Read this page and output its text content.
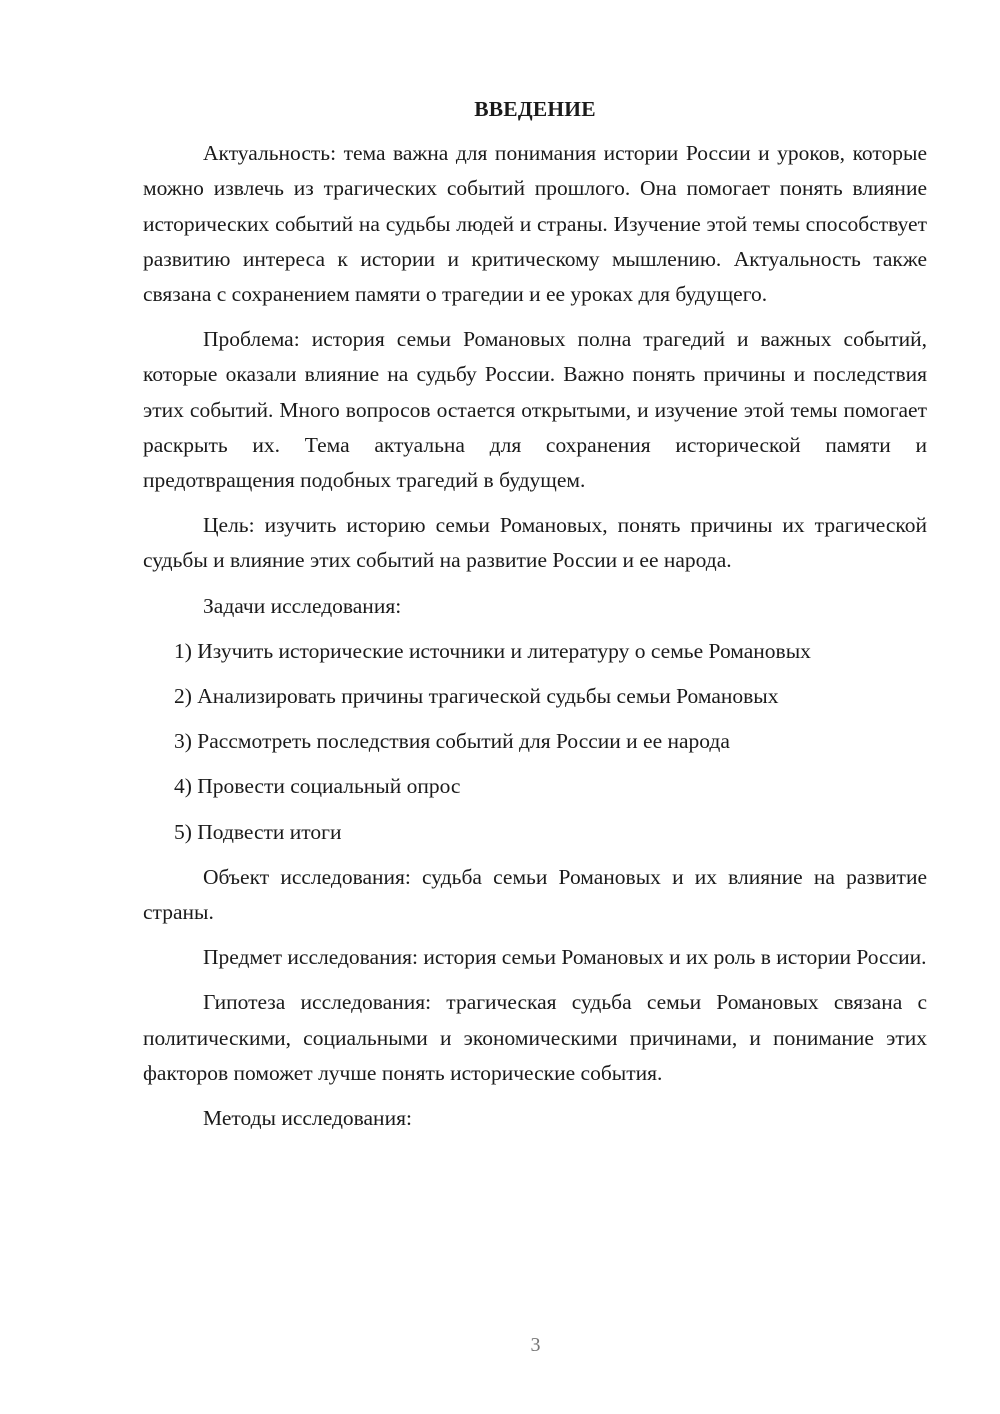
ВВЕДЕНИЕ

Актуальность: тема важна для понимания истории России и уроков, которые можно извлечь из трагических событий прошлого. Она помогает понять влияние исторических событий на судьбы людей и страны. Изучение этой темы способствует развитию интереса к истории и критическому мышлению. Актуальность также связана с сохранением памяти о трагедии и ее уроках для будущего.

Проблема: история семьи Романовых полна трагедий и важных событий, которые оказали влияние на судьбу России. Важно понять причины и последствия этих событий. Много вопросов остается открытыми, и изучение этой темы помогает раскрыть их. Тема актуальна для сохранения исторической памяти и предотвращения подобных трагедий в будущем.

Цель: изучить историю семьи Романовых, понять причины их трагической судьбы и влияние этих событий на развитие России и ее народа.

Задачи исследования:

1) Изучить исторические источники и литературу о семье Романовых

2) Анализировать причины трагической судьбы семьи Романовых

3) Рассмотреть последствия событий для России и ее народа

4) Провести социальный опрос

5) Подвести итоги

Объект исследования: судьба семьи Романовых и их влияние на развитие страны.

Предмет исследования: история семьи Романовых и их роль в истории России.

Гипотеза исследования: трагическая судьба семьи Романовых связана с политическими, социальными и экономическими причинами, и понимание этих факторов поможет лучше понять исторические события.

Методы исследования:

3
